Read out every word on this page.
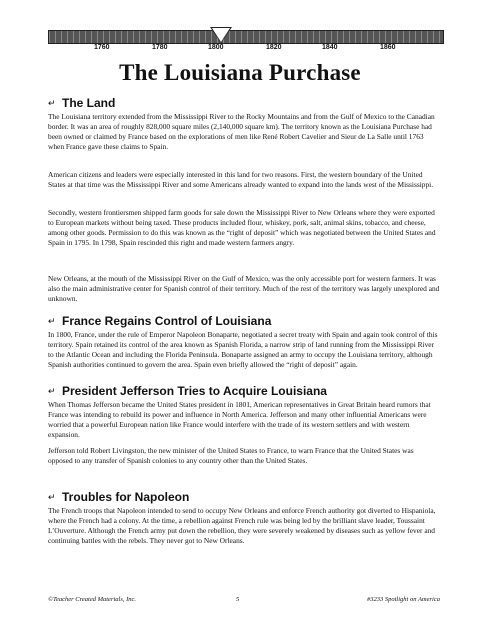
1760	1780	1800	1820	1840	1860
The Louisiana Purchase
↵ The Land

The Louisiana territory extended from the Mississippi River to the Rocky Mountains and from the Gulf of Mexico to the Canadian border. It was an area of roughly 828,000 square miles (2,140,000 square km). The territory known as the Louisiana Purchase had been owned or claimed by France based on the explorations of men like René Robert Cavelier and Sieur de La Salle until 1763 when France gave these claims to Spain.

American citizens and leaders were especially interested in this land for two reasons. First, the western boundary of the United States at that time was the Mississippi River and some Americans already wanted to expand into the lands west of the Mississippi.

Secondly, western frontiersmen shipped farm goods for sale down the Mississippi River to New Orleans where they were exported to European markets without being taxed. These products included flour, whiskey, pork, salt, animal skins, tobacco, and cheese, among other goods. Permission to do this was known as the “right of deposit” which was negotiated between the United States and Spain in 1795. In 1798, Spain rescinded this right and made western farmers angry.

New Orleans, at the mouth of the Mississippi River on the Gulf of Mexico, was the only accessible port for western farmers. It was also the main administrative center for Spanish control of their territory. Much of the rest of the territory was largely unexplored and unknown.

↵ France Regains Control of Louisiana

In 1800, France, under the rule of Emperor Napoleon Bonaparte, negotiated a secret treaty with Spain and again took control of this territory. Spain retained its control of the area known as Spanish Florida, a narrow strip of land running from the Mississippi River to the Atlantic Ocean and including the Florida Peninsula. Bonaparte assigned an army to occupy the Louisiana territory, although Spanish authorities continued to govern the area. Spain even briefly allowed the “right of deposit” again.

↵ President Jefferson Tries to Acquire Louisiana

When Thomas Jefferson became the United States president in 1801, American representatives in Great Britain heard rumors that France was intending to rebuild its power and influence in North America. Jefferson and many other influential Americans were worried that a powerful European nation like France would interfere with the trade of its western settlers and with western expansion.

Jefferson told Robert Livingston, the new minister of the United States to France, to warn France that the United States was opposed to any transfer of Spanish colonies to any country other than the United States.

↵ Troubles for Napoleon

The French troops that Napoleon intended to send to occupy New Orleans and enforce French authority got diverted to Hispaniola, where the French had a colony. At the time, a rebellion against French rule was being led by the brilliant slave leader, Toussaint L’Ouverture. Although the French army put down the rebellion, they were severely weakened by diseases such as yellow fever and continuing battles with the rebels. They never got to New Orleans.

©Teacher Created Materials, Inc.	5	#3233 Spotlight on America
